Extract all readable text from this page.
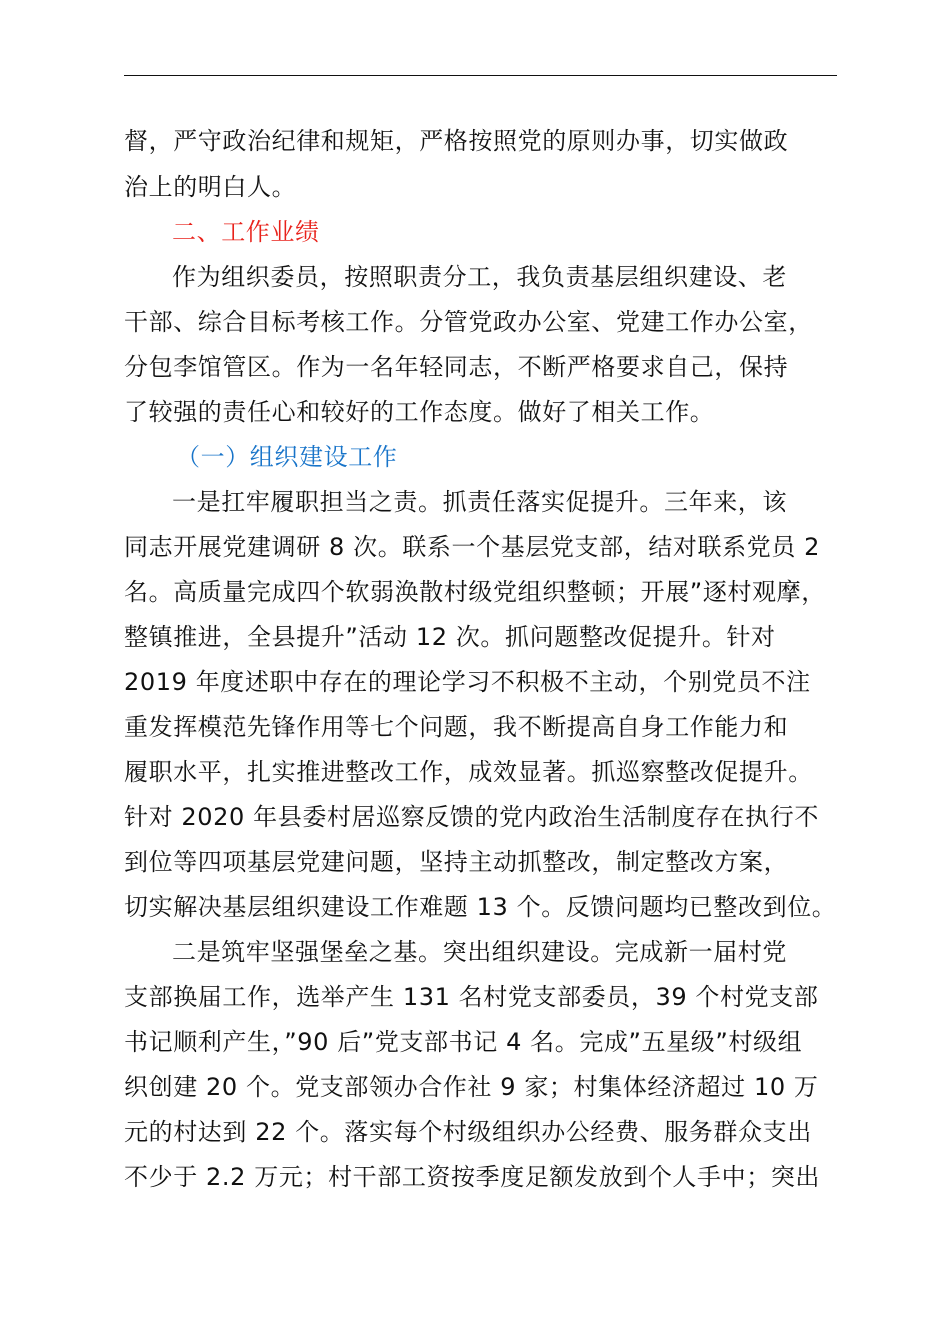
督，严守政治纪律和规矩，严格按照党的原则办事，切实做政
治上的明白人。
二、工作业绩
作为组织委员，按照职责分工，我负责基层组织建设、老
干部、综合目标考核工作。分管党政办公室、党建工作办公室，
分包李馆管区。作为一名年轻同志，不断严格要求自己，保持
了较强的责任心和较好的工作态度。做好了相关工作。
（一）组织建设工作
一是扛牢履职担当之责。抓责任落实促提升。三年来，该
同志开展党建调研 8 次。联系一个基层党支部，结对联系党员 2
名。高质量完成四个软弱涣散村级党组织整顿；开展”逐村观摩，
整镇推进，全县提升”活动 12 次。抓问题整改促提升。针对
2019 年度述职中存在的理论学习不积极不主动，个别党员不注
重发挥模范先锋作用等七个问题，我不断提高自身工作能力和
履职水平，扎实推进整改工作，成效显著。抓巡察整改促提升。
针对 2020 年县委村居巡察反馈的党内政治生活制度存在执行不
到位等四项基层党建问题，坚持主动抓整改，制定整改方案，
切实解决基层组织建设工作难题 13 个。反馈问题均已整改到位。
二是筑牢坚强堡垒之基。突出组织建设。完成新一届村党
支部换届工作，选举产生 131 名村党支部委员，39 个村党支部
书记顺利产生，”90 后”党支部书记 4 名。完成”五星级”村级组
织创建 20 个。党支部领办合作社 9 家；村集体经济超过 10 万
元的村达到 22 个。落实每个村级组织办公经费、服务群众支出
不少于 2.2 万元；村干部工资按季度足额发放到个人手中；突出
